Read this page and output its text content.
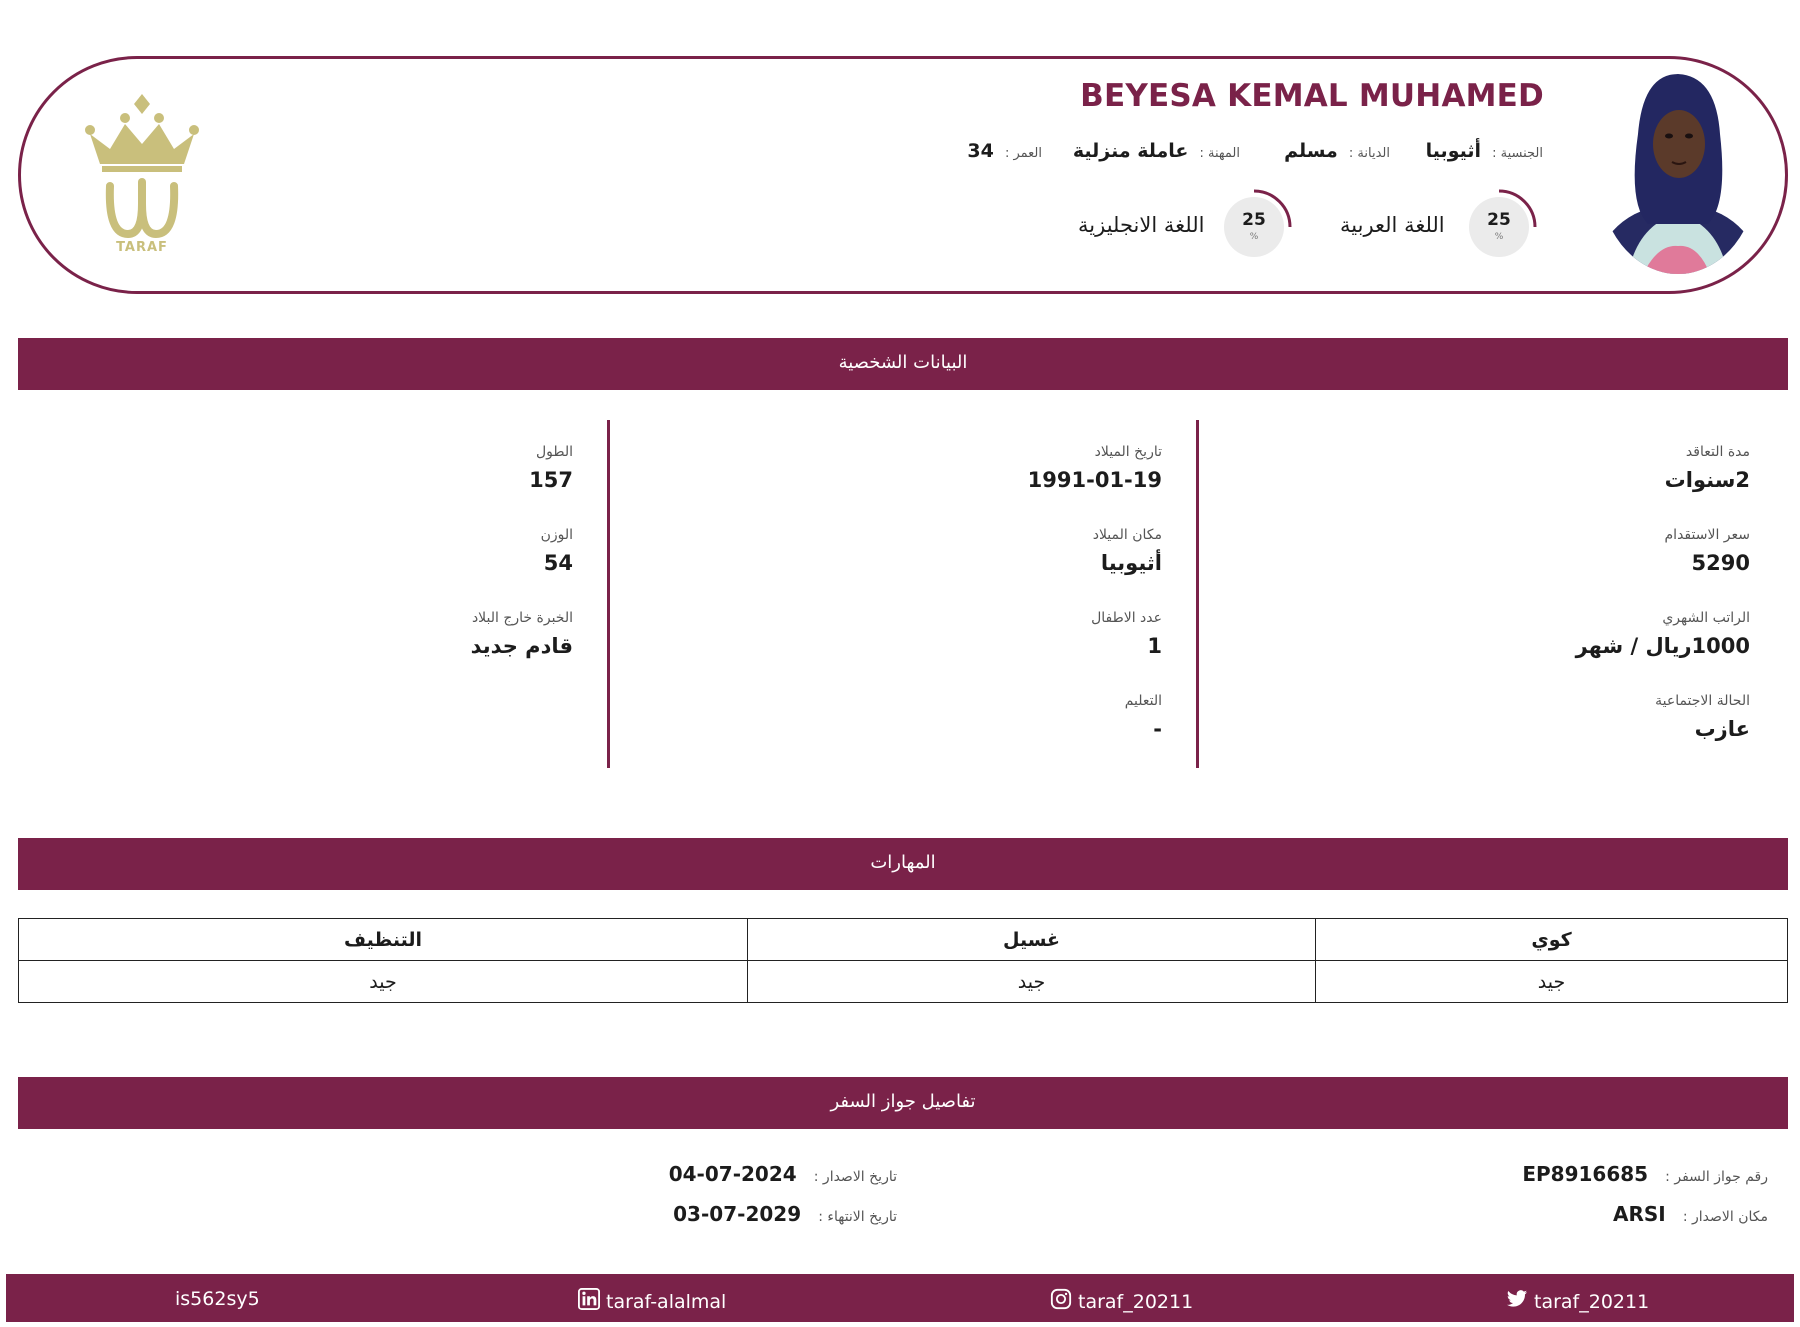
BEYESA KEMAL MUHAMED
الجنسية : أثيوبيا
الديانة : مسلم
المهنة : عاملة منزلية
العمر : 34
25
%
اللغة العربية
25
%
اللغة الانجليزية
TARAF
البيانات الشخصية
مدة التعاقد
2سنوات
سعر الاستقدام
5290
الراتب الشهري
1000ريال / شهر
الحالة الاجتماعية
عازب
تاريخ الميلاد
1991-01-19
مكان الميلاد
أثيوبيا
عدد الاطفال
1
التعليم
-
الطول
157
الوزن
54
الخبرة خارج البلاد
قادم جديد
المهارات
كوي	غسيل	التنظيف
جيد	جيد	جيد
تفاصيل جواز السفر
رقم جواز السفر : EP8916685
مكان الاصدار : ARSI
تاريخ الاصدار : 2024-07-04
تاريخ الانتهاء : 2029-07-03
is562sy5	taraf-alalmal	taraf_20211	taraf_20211
